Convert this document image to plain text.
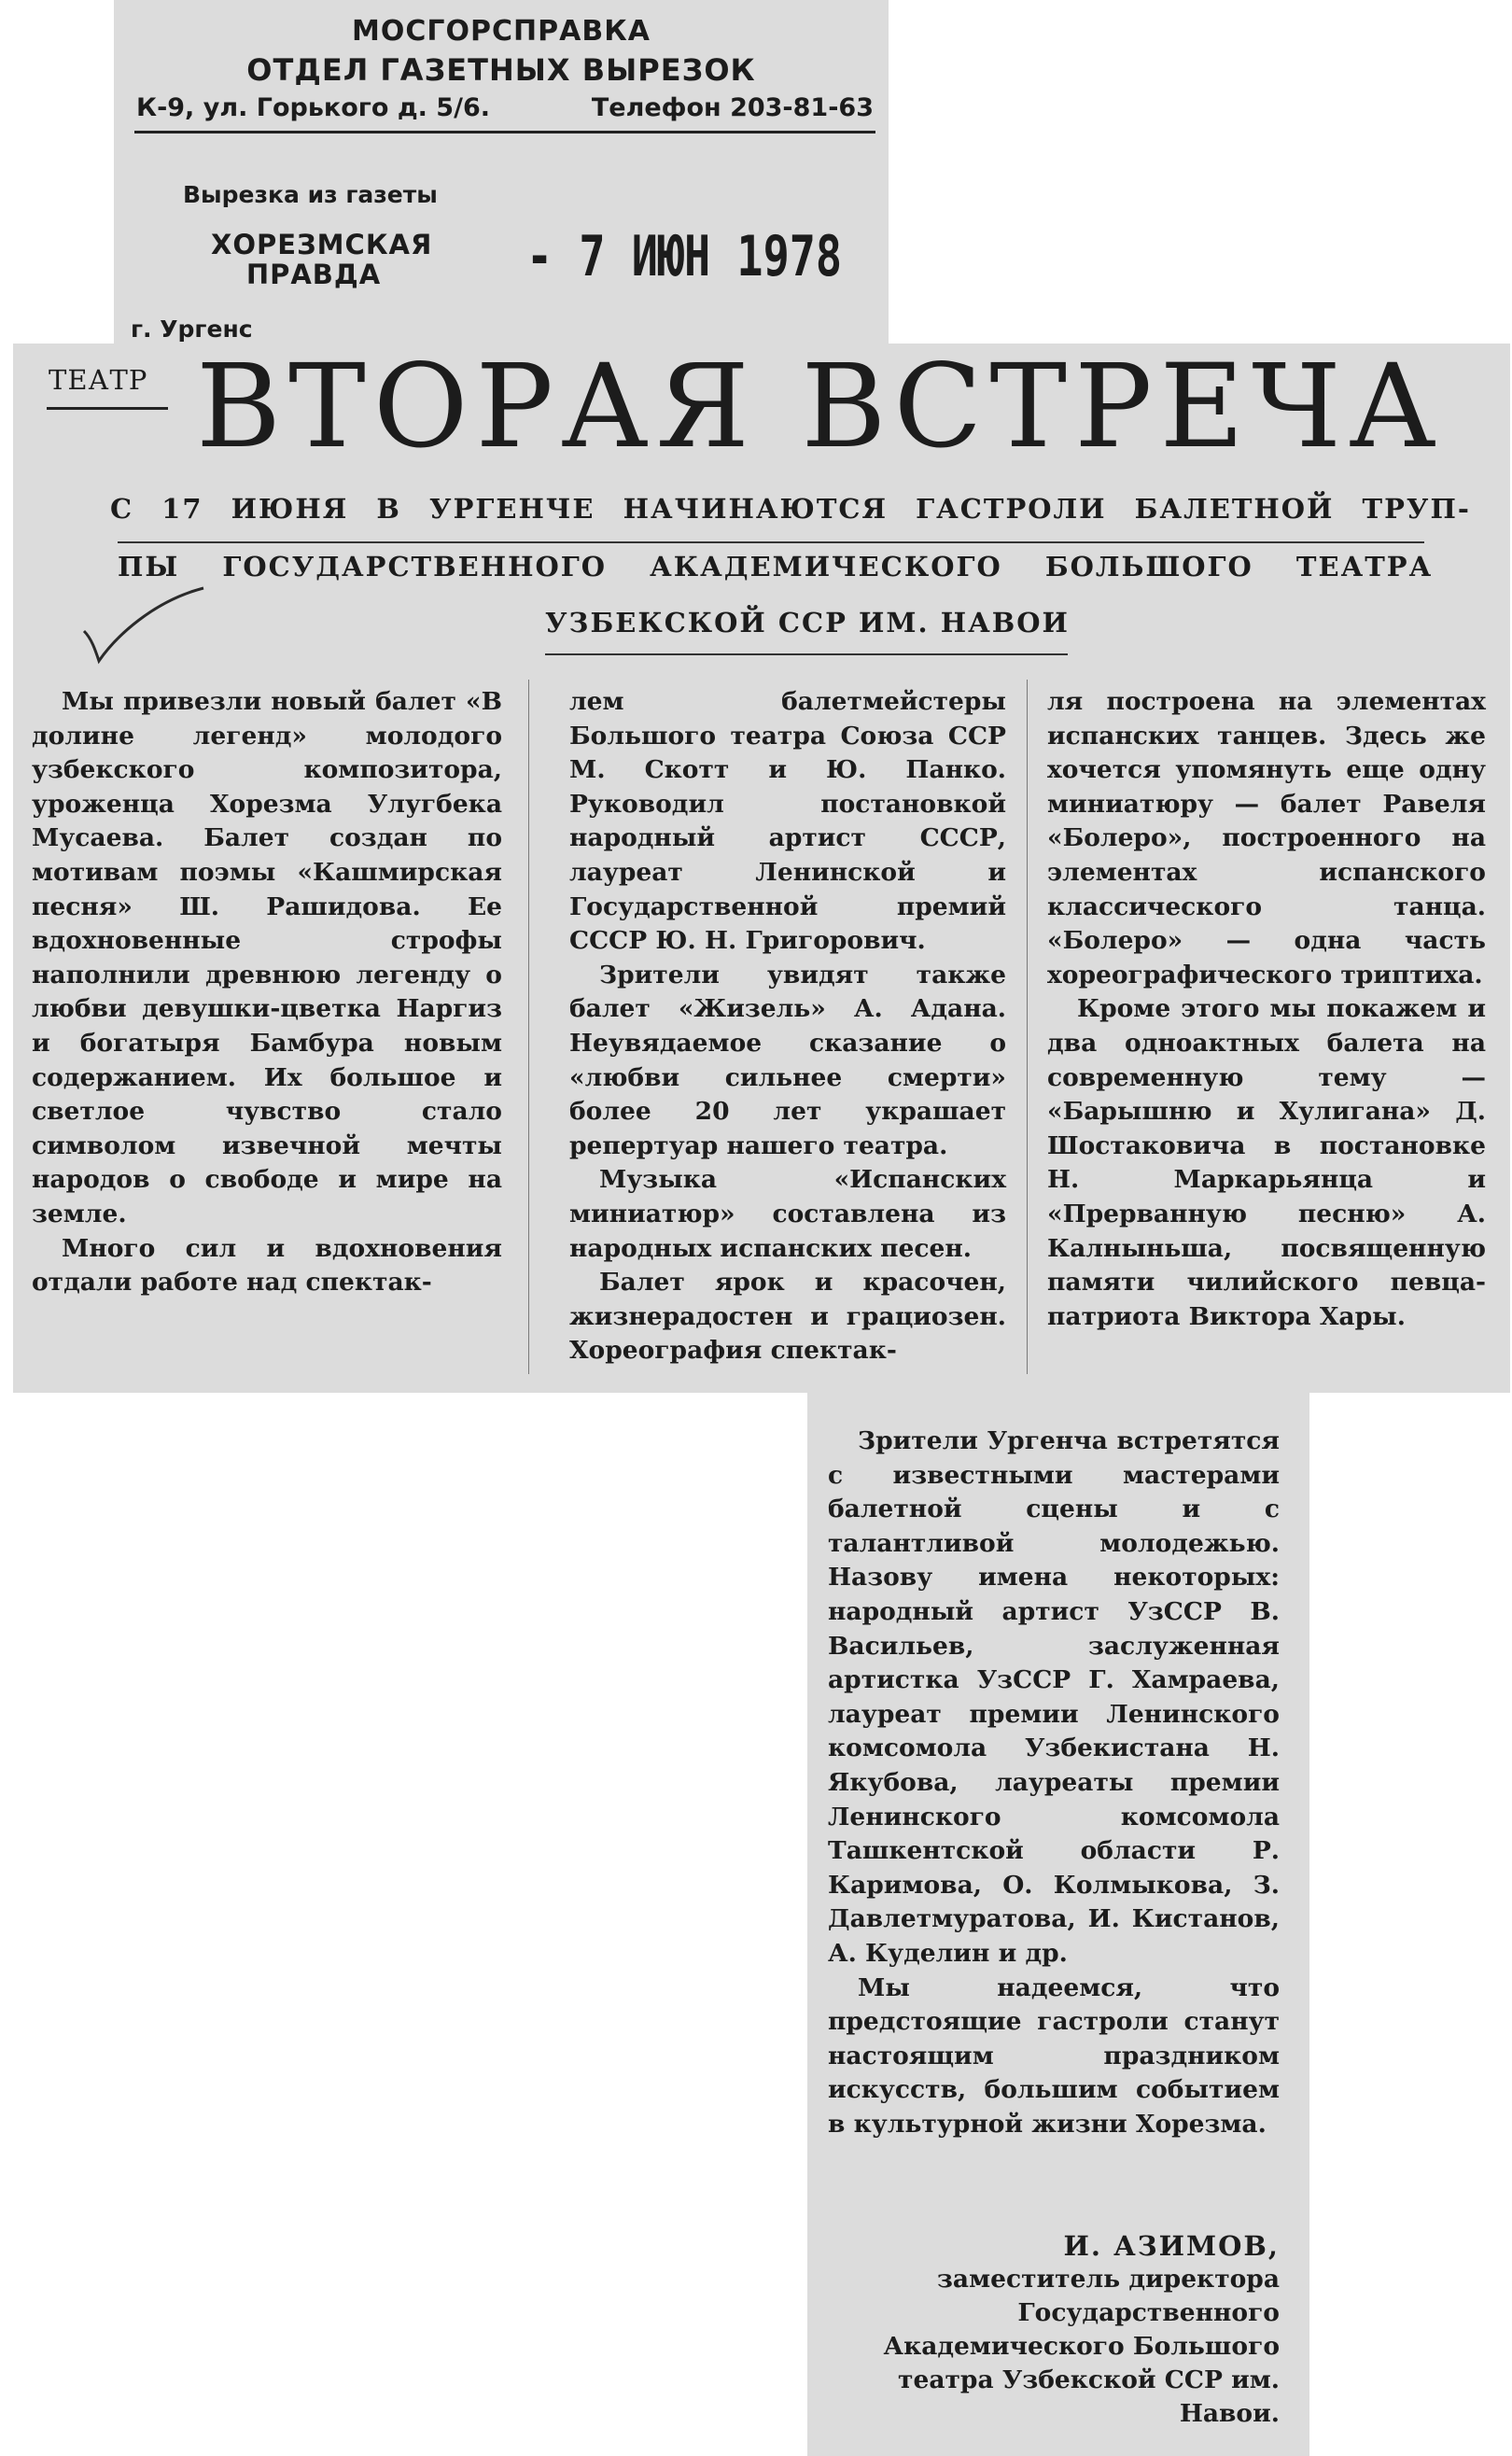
МОСГОРСПРАВКА
ОТДЕЛ ГАЗЕТНЫХ ВЫРЕЗОК
К-9, ул. Горького д. 5/6.	Телефон 203-81-63
Вырезка из газеты
ХОРЕЗМСКАЯ ПРАВДА	- 7 ИЮН 1978
г. Ургенс
ТЕАТР ВТОРАЯ ВСТРЕЧА
С 17 ИЮНЯ В УРГЕНЧЕ НАЧИНАЮТСЯ ГАСТРОЛИ БАЛЕТНОЙ ТРУП-
ПЫ ГОСУДАРСТВЕННОГО АКАДЕМИЧЕСКОГО БОЛЬШОГО ТЕАТРА
УЗБЕКСКОЙ ССР ИМ. НАВОИ

Мы привезли новый балет «В долине легенд» молодого узбекского композитора, уроженца Хорезма Улугбека Мусаева. Балет создан по мотивам поэмы «Кашмирская песня» Ш. Рашидова. Ее вдохновенные строфы наполнили древнюю легенду о любви девушки-цветка Наргиз и богатыря Бамбура новым содержанием. Их большое и светлое чувство стало символом извечной мечты народов о свободе и мире на земле.

Много сил и вдохновения отдали работе над спектак-

лем балетмейстеры Большого театра Союза ССР М. Скотт и Ю. Панко. Руководил постановкой народный артист СССР, лауреат Ленинской и Государственной премий СССР Ю. Н. Григорович.

Зрители увидят также балет «Жизель» А. Адана. Неувядаемое сказание о «любви сильнее смерти» более 20 лет украшает репертуар нашего театра.

Музыка «Испанских миниатюр» составлена из народных испанских песен.

Балет ярок и красочен, жизнерадостен и грациозен. Хореография спектак-

ля построена на элементах испанских танцев. Здесь же хочется упомянуть еще одну миниатюру — балет Равеля «Болеро», построенного на элементах испанского классического танца. «Болеро» — одна часть хореографического триптиха.

Кроме этого мы покажем и два одноактных балета на современную тему — «Барышню и Хулигана» Д. Шостаковича в постановке Н. Маркарьянца и «Прерванную песню» А. Калныньша, посвященную памяти чилийского певца-патриота Виктора Хары.

Зрители Ургенча встретятся с известными мастерами балетной сцены и с талантливой молодежью. Назову имена некоторых: народный артист УзССР В. Васильев, заслуженная артистка УзССР Г. Хамраева, лауреат премии Ленинского комсомола Узбекистана Н. Якубова, лауреаты премии Ленинского комсомола Ташкентской области Р. Каримова, О. Колмыкова, З. Давлетмуратова, И. Кистанов, А. Куделин и др.

Мы надеемся, что предстоящие гастроли станут настоящим праздником искусств, большим событием в культурной жизни Хорезма.

И. АЗИМОВ,
заместитель директора Государственного Академического Большого театра Узбекской ССР им. Навои.
